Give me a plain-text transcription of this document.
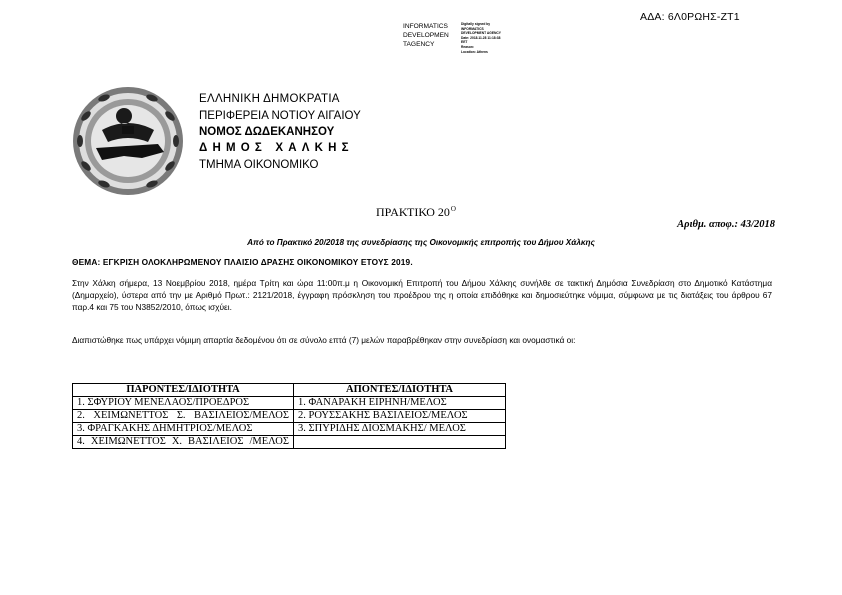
ΑΔΑ: 6Λ0ΡΩΗΣ-ΖΤ1
INFORMATICS DEVELOPMEN TAGENCY
Digitally signed by
INFORMATICS
DEVELOPMENT AGENCY
Date: 2018.11.28 11:18:38
EET
Reason:
Location: Athens
ΕΛΛΗΝΙΚΗ ΔΗΜΟΚΡΑΤΙΑ
ΠΕΡΙΦΕΡΕΙΑ ΝΟΤΙΟΥ ΑΙΓΑΙΟΥ
ΝΟΜΟΣ ΔΩΔΕΚΑΝΗΣΟΥ
ΔΗΜΟΣ ΧΑΛΚΗΣ
ΤΜΗΜΑ ΟΙΚΟΝΟΜΙΚΟ
ΠΡΑΚΤΙΚΟ $20^O$
Αριθμ. αποφ.: 43/2018
Από το Πρακτικό 20/2018 της συνεδρίασης της Οικονομικής επιτροπής του Δήμου Χάλκης
ΘΕΜΑ: ΕΓΚΡΙΣΗ ΟΛΟΚΛΗΡΩΜΕΝΟΥ ΠΛΑΙΣΙΟ ΔΡΑΣΗΣ ΟΙΚΟΝΟΜΙΚΟΥ ΕΤΟΥΣ 2019.
Στην Χάλκη σήμερα, 13 Νοεμβρίου 2018, ημέρα Τρίτη και ώρα 11:00π.μ η Οικονομική Επιτροπή του Δήμου Χάλκης συνήλθε σε τακτική Δημόσια Συνεδρίαση στο Δημοτικό Κατάστημα (Δημαρχείο), ύστερα από την με Αριθμό Πρωτ.: 2121/2018, έγγραφη πρόσκληση του προέδρου της η οποία επιδόθηκε και δημοσιεύτηκε νόμιμα, σύμφωνα με τις διατάξεις του άρθρου 67 παρ.4 και 75 του Ν3852/2010, όπως ισχύει.
Διαπιστώθηκε πως υπάρχει νόμιμη απαρτία δεδομένου ότι σε σύνολο επτά (7) μελών παραβρέθηκαν στην συνεδρίαση και ονομαστικά οι:
ΠΑΡΟΝΤΕΣ/ΙΔΙΟΤΗΤΑ	ΑΠΟΝΤΕΣ/ΙΔΙΟΤΗΤΑ
1. ΣΦΥΡΙΟΥ ΜΕΝΕΛΑΟΣ/ΠΡΟΕΔΡΟΣ	1. ΦΑΝΑΡΑΚΗ ΕΙΡΗΝΗ/ΜΕΛΟΣ
2. ΧΕΙΜΩΝΕΤΤΟΣ Σ. ΒΑΣΙΛΕΙΟΣ/ΜΕΛΟΣ	2. ΡΟΥΣΣΑΚΗΣ ΒΑΣΙΛΕΙΟΣ/ΜΕΛΟΣ
3. ΦΡΑΓΚΑΚΗΣ ΔΗΜΗΤΡΙΟΣ/ΜΕΛΟΣ	3. ΣΠΥΡΙΔΗΣ ΔΙΟΣΜΑΚΗΣ/ ΜΕΛΟΣ
4. ΧΕΙΜΩΝΕΤΤΟΣ Χ. ΒΑΣΙΛΕΙΟΣ /ΜΕΛΟΣ	
